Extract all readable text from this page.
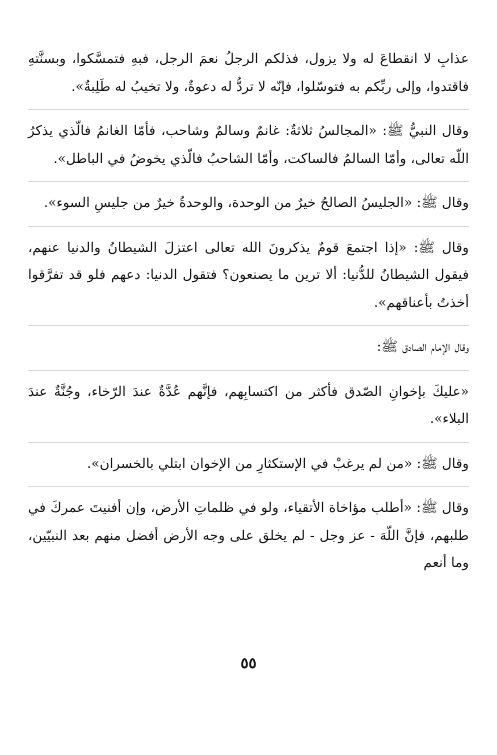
عذابِ لا انقطاعَ له ولا يزول، فذلكم الرجلُ نعمَ الرجل، فبهِ فتمسَّكوا، وبسنَّتهِ فاقتدوا، وإلى ربِّكم به فتوسّلوا، فإنّه لا تردُّ له دعوةٌ، ولا تخيبُ له طَلِبةٌ».

وقال النبيُّ ﷺ: «المجالسُ ثلاثةٌ: غانمٌ وسالمٌ وشاحب، فأمّا الغانمُ فالّذي يذكرُ اللّه تعالى، وأمّا السالمُ فالساكت، وأمّا الشاحبُ فالّذي يخوضُ في الباطل».

وقال ﷺ: «الجليسُ الصالحُ خيرٌ من الوحدة، والوحدةُ خيرٌ من جليسِ السوء».

وقال ﷺ: «إذا اجتمعَ قومٌ يذكرونَ الله تعالى اعتزلَ الشيطانُ والدنيا عنهم، فيقول الشيطانُ للدُّنيا: ألا ترين ما يصنعون؟ فتقول الدنيا: دعهم فلو قد تفرَّقوا أخذتُ بأعناقهم».

وقال الإمام الصادق ﷺ:

«عليكَ بإخوانِ الصّدق فأكثر من اكتسابِهم، فإنَّهم عُدَّةٌ عندَ الرّخاء، وجُنَّةٌ عندَ البلاء».

وقال ﷺ: «من لم يرغبْ في الإستكثارِ من الإخوان ابتلي بالخسران».

وقال ﷺ: «أطلب مؤاخاة الأتقياء، ولو في ظلماتِ الأرض، وإن أفنيتَ عمركَ في طلبهم، فإنَّ اللّهَ - عز وجل - لم يخلق على وجه الأرض أفضل منهم بعد النبيّين، وما أنعم

٥٥
